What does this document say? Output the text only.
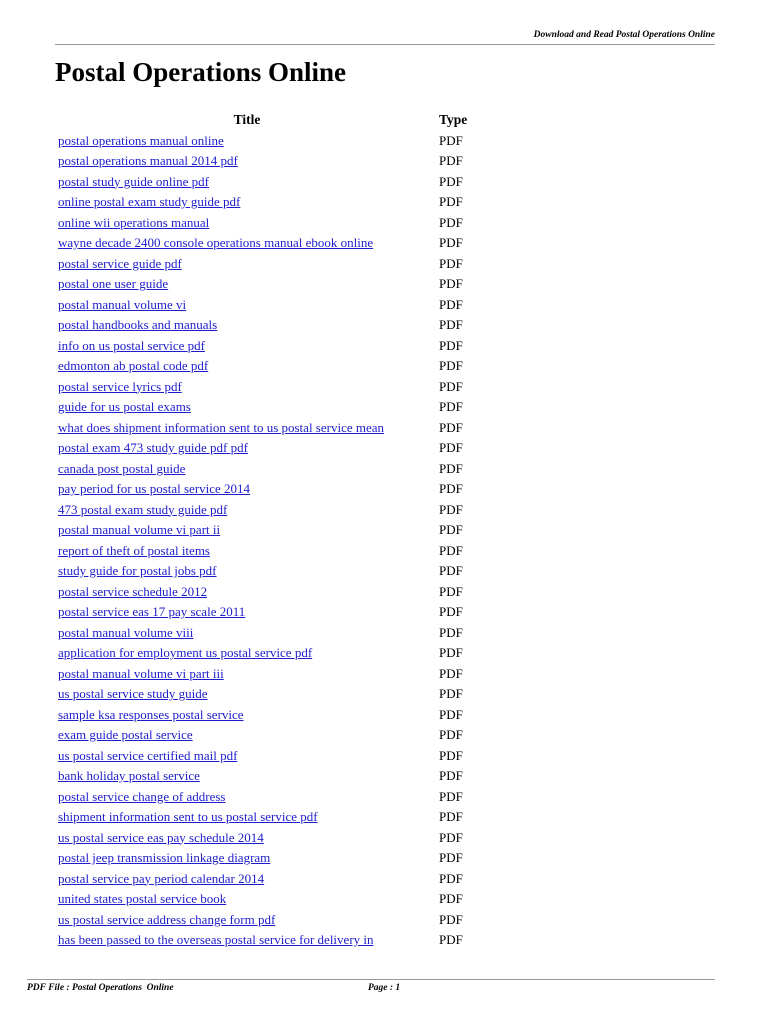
Download and Read Postal Operations Online
Postal Operations Online
Title	Type
postal operations manual online	PDF
postal operations manual 2014 pdf	PDF
postal study guide online pdf	PDF
online postal exam study guide pdf	PDF
online wii operations manual	PDF
wayne decade 2400 console operations manual ebook online	PDF
postal service guide pdf	PDF
postal one user guide	PDF
postal manual volume vi	PDF
postal handbooks and manuals	PDF
info on us postal service pdf	PDF
edmonton ab postal code pdf	PDF
postal service lyrics pdf	PDF
guide for us postal exams	PDF
what does shipment information sent to us postal service mean	PDF
postal exam 473 study guide pdf pdf	PDF
canada post postal guide	PDF
pay period for us postal service 2014	PDF
473 postal exam study guide pdf	PDF
postal manual volume vi part ii	PDF
report of theft of postal items	PDF
study guide for postal jobs pdf	PDF
postal service schedule 2012	PDF
postal service eas 17 pay scale 2011	PDF
postal manual volume viii	PDF
application for employment us postal service pdf	PDF
postal manual volume vi part iii	PDF
us postal service study guide	PDF
sample ksa responses postal service	PDF
exam guide postal service	PDF
us postal service certified mail pdf	PDF
bank holiday postal service	PDF
postal service change of address	PDF
shipment information sent to us postal service pdf	PDF
us postal service eas pay schedule 2014	PDF
postal jeep transmission linkage diagram	PDF
postal service pay period calendar 2014	PDF
united states postal service book	PDF
us postal service address change form pdf	PDF
has been passed to the overseas postal service for delivery in	PDF
PDF File : Postal Operations  Online	Page : 1
